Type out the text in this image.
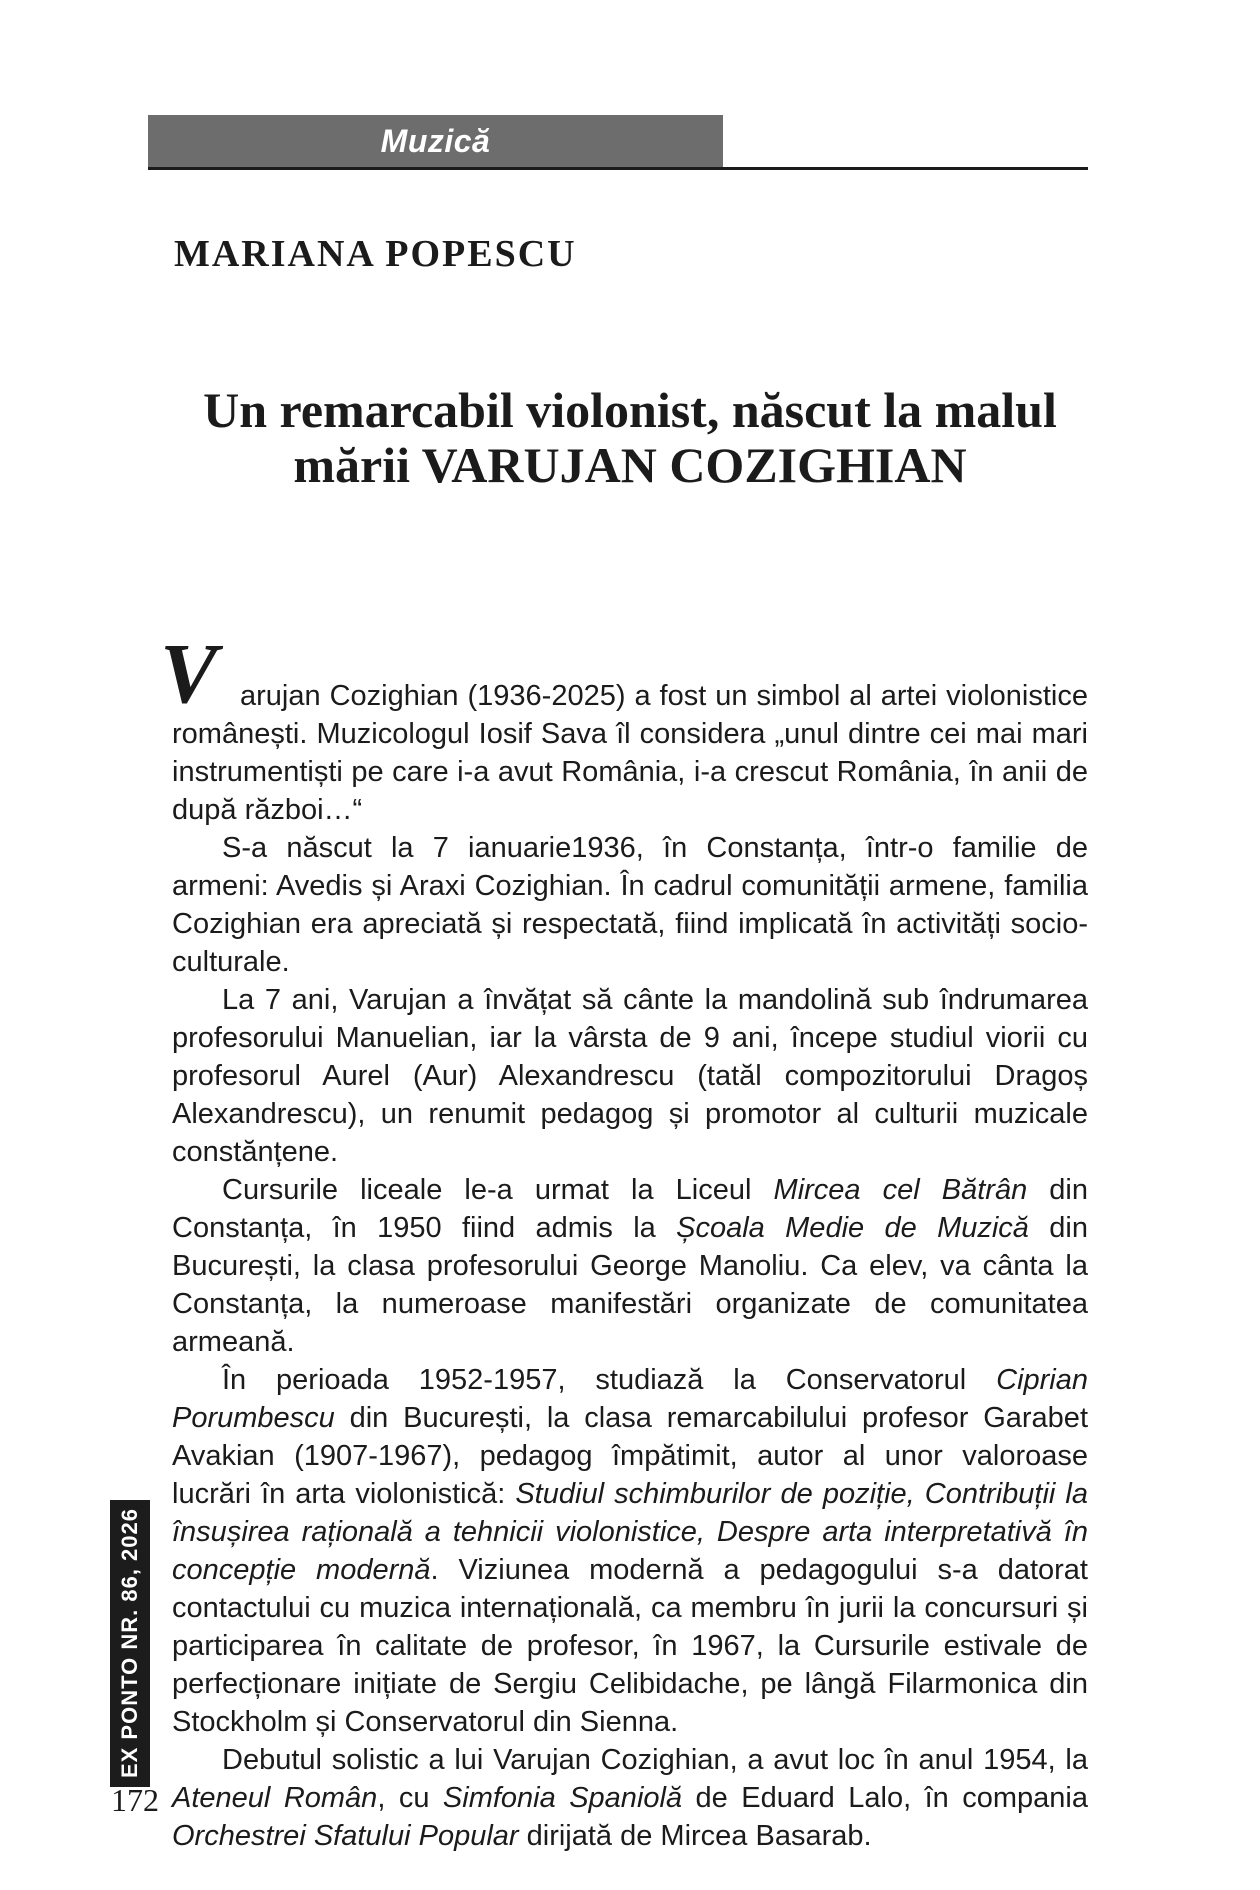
Muzică
MARIANA POPESCU
Un remarcabil violonist, născut la malul
mării VARUJAN COZIGHIAN
V arujan Cozighian (1936-2025) a fost un simbol al artei violonistice românești. Muzicologul Iosif Sava îl considera „unul dintre cei mai mari instrumentiști pe care i-a avut România, i-a crescut România, în anii de după război…“

S-a născut la 7 ianuarie1936, în Constanța, într-o familie de armeni: Avedis și Araxi Cozighian. În cadrul comunității armene, familia Cozighian era apreciată și respectată, fiind implicată în activități socio-culturale.

La 7 ani, Varujan a învățat să cânte la mandolină sub îndrumarea profesorului Manuelian, iar la vârsta de 9 ani, începe studiul viorii cu profesorul Aurel (Aur) Alexandrescu (tatăl compozitorului Dragoș Alexandrescu), un renumit pedagog și promotor al culturii muzicale constănțene.

Cursurile liceale le-a urmat la Liceul Mircea cel Bătrân din Constanța, în 1950 fiind admis la Școala Medie de Muzică din București, la clasa profesorului George Manoliu. Ca elev, va cânta la Constanța, la numeroase manifestări organizate de comunitatea armeană.

În perioada 1952-1957, studiază la Conservatorul Ciprian Porumbescu din București, la clasa remarcabilului profesor Garabet Avakian (1907-1967), pedagog împătimit, autor al unor valoroase lucrări în arta violonistică: Studiul schimburilor de poziție, Contribuții la însușirea rațională a tehnicii violonistice, Despre arta interpretativă în concepție modernă. Viziunea modernă a pedagogului s-a datorat contactului cu muzica internațională, ca membru în jurii la concursuri și participarea în calitate de profesor, în 1967, la Cursurile estivale de perfecționare inițiate de Sergiu Celibidache, pe lângă Filarmonica din Stockholm și Conservatorul din Sienna.

Debutul solistic a lui Varujan Cozighian, a avut loc în anul 1954, la Ateneul Român, cu Simfonia Spaniolă de Eduard Lalo, în compania Orchestrei Sfatului Popular dirijată de Mircea Basarab.

EX PONTO NR. 86, 2026
172
